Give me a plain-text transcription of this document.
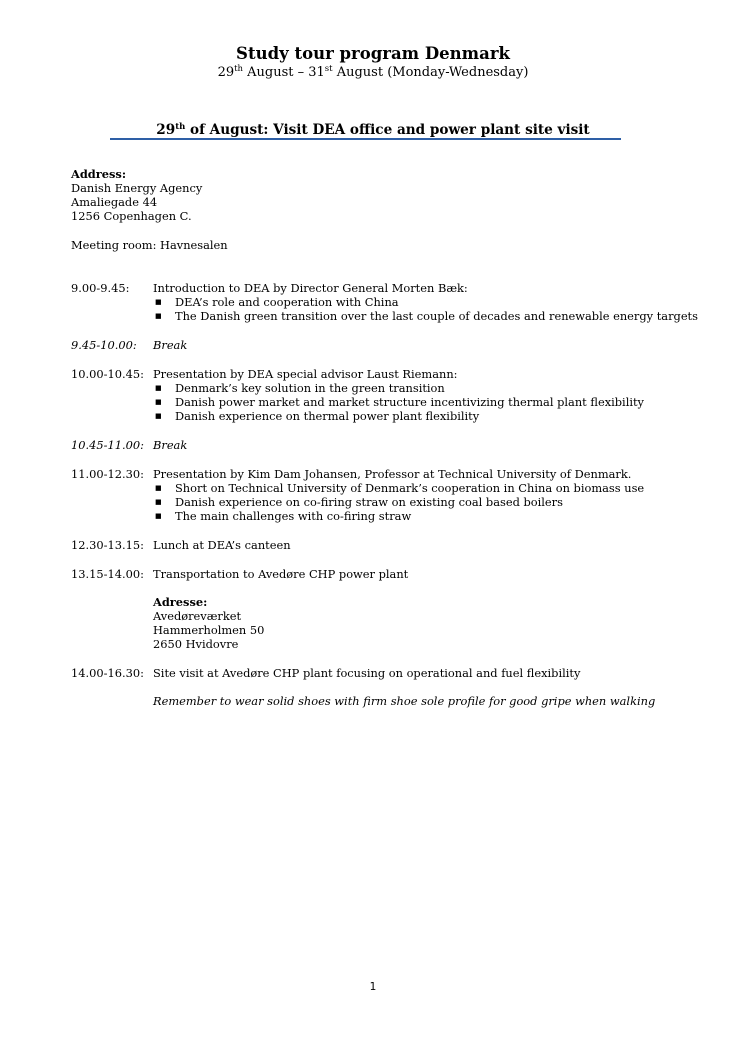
Study tour program Denmark
29th August – 31st August (Monday-Wednesday)
29th of August: Visit DEA office and power plant site visit
Address:
Danish Energy Agency
Amaliegade 44
1256 Copenhagen C.
Meeting room: Havnesalen
9.00-9.45:	Introduction to DEA by Director General Morten Bæk:
■ DEA’s role and cooperation with China
■ The Danish green transition over the last couple of decades and renewable energy targets
9.45-10.00:	Break
10.00-10.45: Presentation by DEA special advisor Laust Riemann:
■ Denmark’s key solution in the green transition
■ Danish power market and market structure incentivizing thermal plant flexibility
■ Danish experience on thermal power plant flexibility
10.45-11.00: Break
11.00-12.30: Presentation by Kim Dam Johansen, Professor at Technical University of Denmark.
■ Short on Technical University of Denmark’s cooperation in China on biomass use
■ Danish experience on co-firing straw on existing coal based boilers
■ The main challenges with co-firing straw
12.30-13.15: Lunch at DEA’s canteen
13.15-14.00: Transportation to Avedøre CHP power plant
Adresse:
Avedøreværket
Hammerholmen 50
2650 Hvidovre
14.00-16.30: Site visit at Avedøre CHP plant focusing on operational and fuel flexibility
Remember to wear solid shoes with firm shoe sole profile for good gripe when walking
1
